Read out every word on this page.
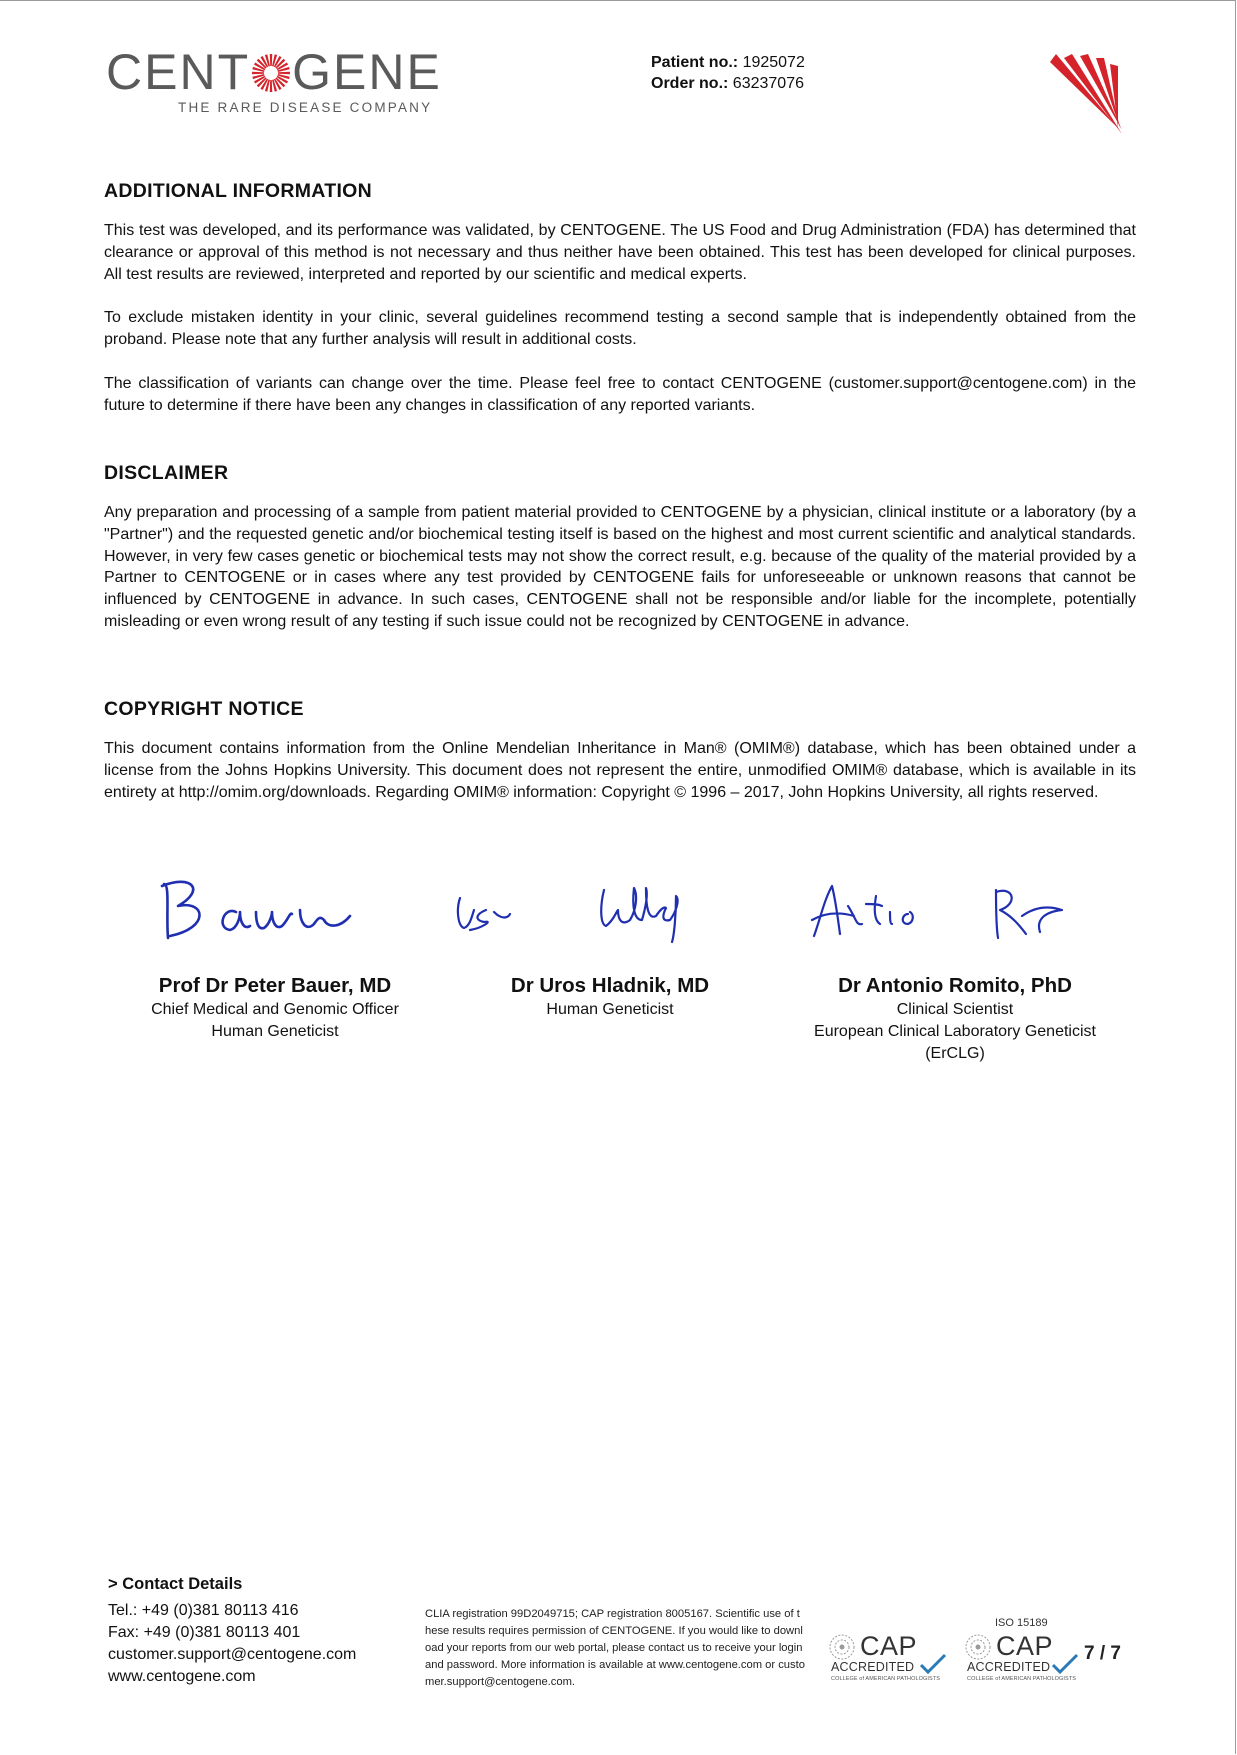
CENT GENE
THE RARE DISEASE COMPANY
Patient no.: 1925072
Order no.: 63237076
ADDITIONAL INFORMATION

This test was developed, and its performance was validated, by CENTOGENE. The US Food and Drug Administration (FDA) has determined that clearance or approval of this method is not necessary and thus neither have been obtained. This test has been developed for clinical purposes. All test results are reviewed, interpreted and reported by our scientific and medical experts.

To exclude mistaken identity in your clinic, several guidelines recommend testing a second sample that is independently obtained from the proband. Please note that any further analysis will result in additional costs.

The classification of variants can change over the time. Please feel free to contact CENTOGENE (customer.support@centogene.com) in the future to determine if there have been any changes in classification of any reported variants.

DISCLAIMER

Any preparation and processing of a sample from patient material provided to CENTOGENE by a physician, clinical institute or a laboratory (by a "Partner") and the requested genetic and/or biochemical testing itself is based on the highest and most current scientific and analytical standards. However, in very few cases genetic or biochemical tests may not show the correct result, e.g. because of the quality of the material provided by a Partner to CENTOGENE or in cases where any test provided by CENTOGENE fails for unforeseeable or unknown reasons that cannot be influenced by CENTOGENE in advance. In such cases, CENTOGENE shall not be responsible and/or liable for the incomplete, potentially misleading or even wrong result of any testing if such issue could not be recognized by CENTOGENE in advance.

COPYRIGHT NOTICE

This document contains information from the Online Mendelian Inheritance in Man® (OMIM®) database, which has been obtained under a license from the Johns Hopkins University. This document does not represent the entire, unmodified OMIM® database, which is available in its entirety at http://omim.org/downloads. Regarding OMIM® information: Copyright © 1996 – 2017, John Hopkins University, all rights reserved.

Prof Dr Peter Bauer, MD
Chief Medical and Genomic Officer
Human Geneticist
Dr Uros Hladnik, MD
Human Geneticist
Dr Antonio Romito, PhD
Clinical Scientist
European Clinical Laboratory Geneticist
(ErCLG)
> Contact Details
Tel.: +49 (0)381 80113 416
Fax: +49 (0)381 80113 401
customer.support@centogene.com
www.centogene.com
CLIA registration 99D2049715; CAP registration 8005167. Scientific use of these results requires permission of CENTOGENE. If you would like to download your reports from our web portal, please contact us to receive your login and password. More information is available at www.centogene.com or customer.support@centogene.com.
CAP
ACCREDITED
COLLEGE of AMERICAN PATHOLOGISTS
ISO 15189
CAP
ACCREDITED
COLLEGE of AMERICAN PATHOLOGISTS
7 / 7
